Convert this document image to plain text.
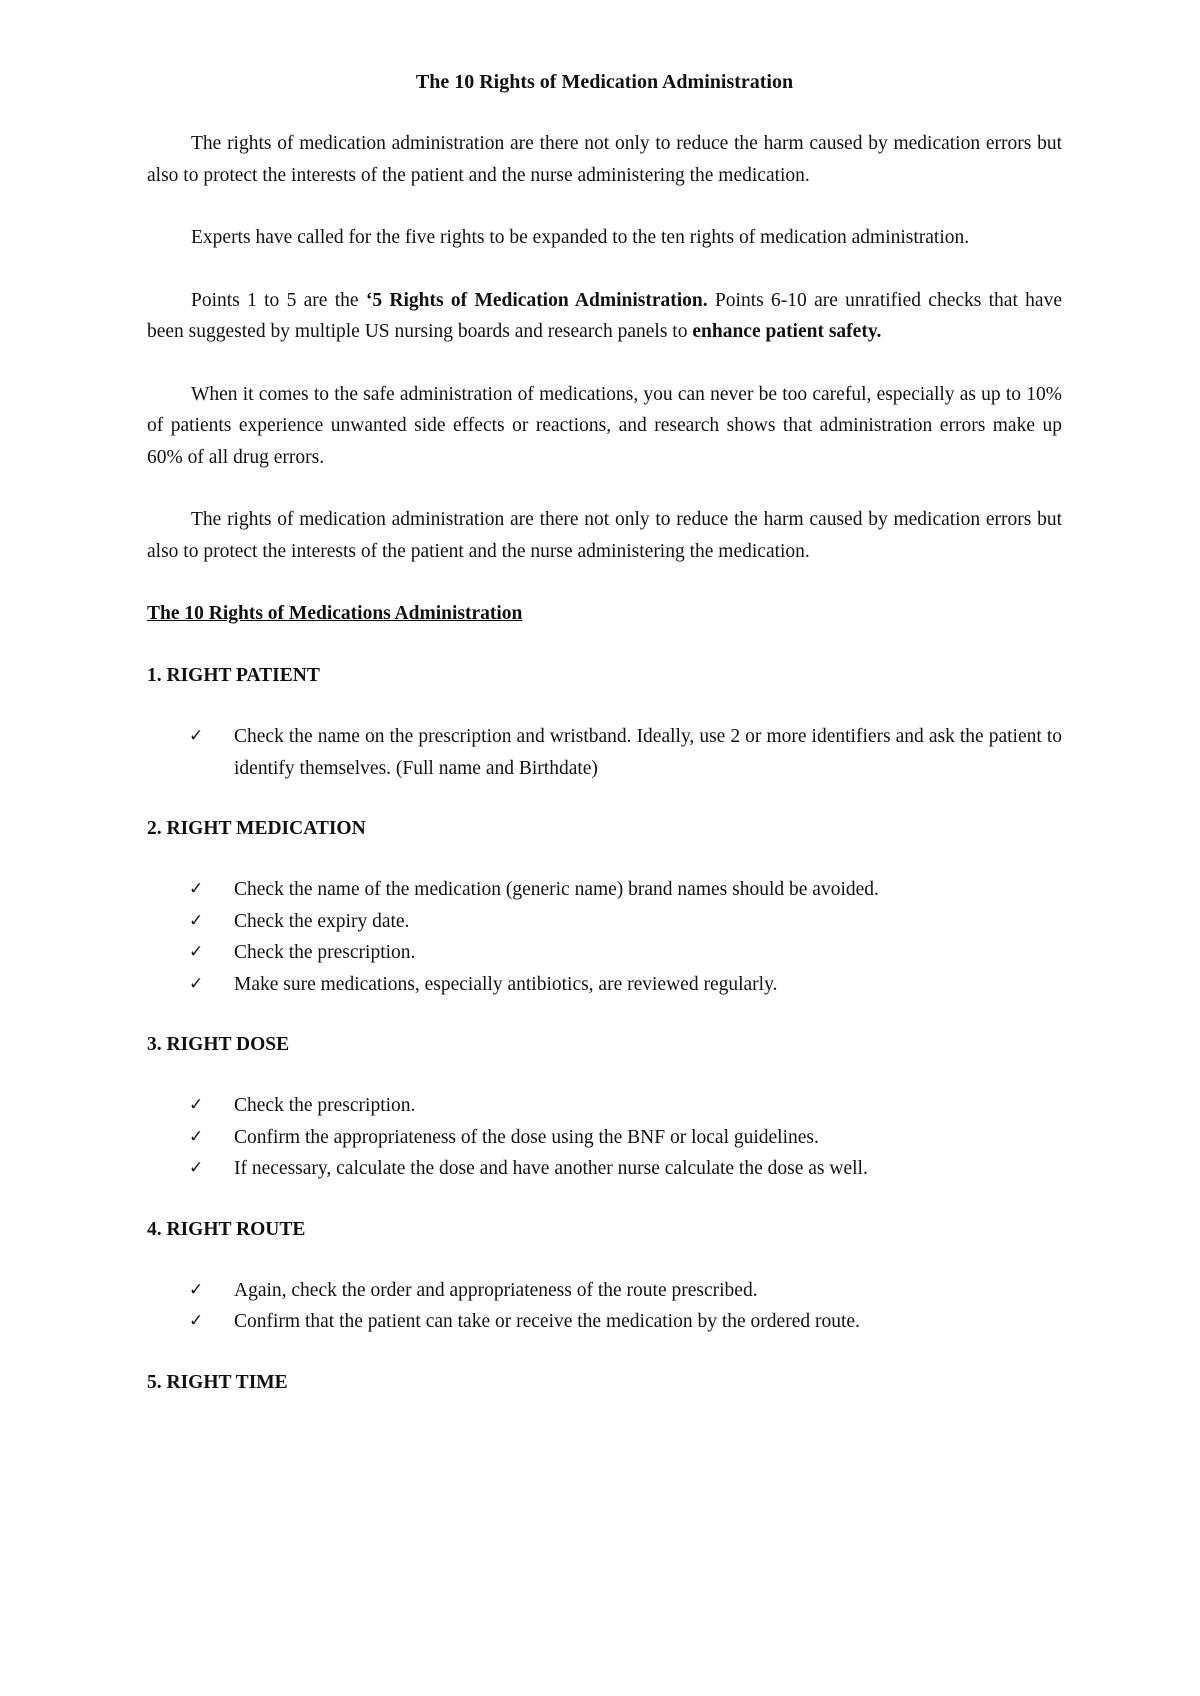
The 10 Rights of Medication Administration

The rights of medication administration are there not only to reduce the harm caused by medication errors but also to protect the interests of the patient and the nurse administering the medication.

Experts have called for the five rights to be expanded to the ten rights of medication administration.

Points 1 to 5 are the ‘5 Rights of Medication Administration. Points 6-10 are unratified checks that have been suggested by multiple US nursing boards and research panels to enhance patient safety.

When it comes to the safe administration of medications, you can never be too careful, especially as up to 10% of patients experience unwanted side effects or reactions, and research shows that administration errors make up 60% of all drug errors.

The rights of medication administration are there not only to reduce the harm caused by medication errors but also to protect the interests of the patient and the nurse administering the medication.

The 10 Rights of Medications Administration
1. RIGHT PATIENT
✓ Check the name on the prescription and wristband. Ideally, use 2 or more identifiers and ask the patient to identify themselves. (Full name and Birthdate)
2. RIGHT MEDICATION
✓ Check the name of the medication (generic name) brand names should be avoided.
✓ Check the expiry date.
✓ Check the prescription.
✓ Make sure medications, especially antibiotics, are reviewed regularly.
3. RIGHT DOSE
✓ Check the prescription.
✓ Confirm the appropriateness of the dose using the BNF or local guidelines.
✓ If necessary, calculate the dose and have another nurse calculate the dose as well.
4. RIGHT ROUTE
✓ Again, check the order and appropriateness of the route prescribed.
✓ Confirm that the patient can take or receive the medication by the ordered route.
5. RIGHT TIME
